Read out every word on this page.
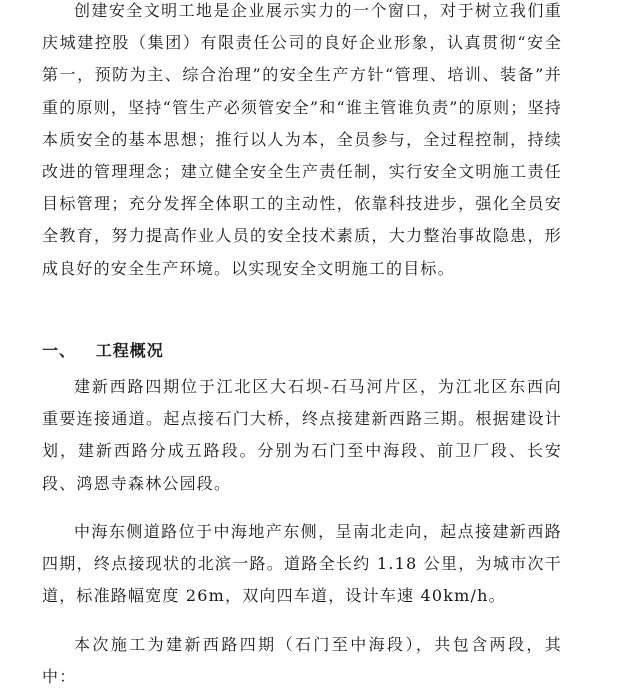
创建安全文明工地是企业展示实力的一个窗口，对于树立我们重庆城建控股（集团）有限责任公司的良好企业形象，认真贯彻“安全第一，预防为主、综合治理”的安全生产方针“管理、培训、装备”并重的原则，坚持“管生产必须管安全”和“谁主管谁负责”的原则；坚持本质安全的基本思想；推行以人为本，全员参与，全过程控制，持续改进的管理理念；建立健全安全生产责任制，实行安全文明施工责任目标管理；充分发挥全体职工的主动性，依靠科技进步，强化全员安全教育，努力提高作业人员的安全技术素质，大力整治事故隐患，形成良好的安全生产环境。以实现安全文明施工的目标。

一、   工程概况

建新西路四期位于江北区大石坝-石马河片区，为江北区东西向重要连接通道。起点接石门大桥，终点接建新西路三期。根据建设计划，建新西路分成五路段。分别为石门至中海段、前卫厂段、长安段、鸿恩寺森林公园段。

中海东侧道路位于中海地产东侧，呈南北走向，起点接建新西路四期，终点接现状的北滨一路。道路全长约 1.18 公里，为城市次干道，标准路幅宽度 26m，双向四车道，设计车速 40km/h。

本次施工为建新西路四期（石门至中海段），共包含两段，其中：
